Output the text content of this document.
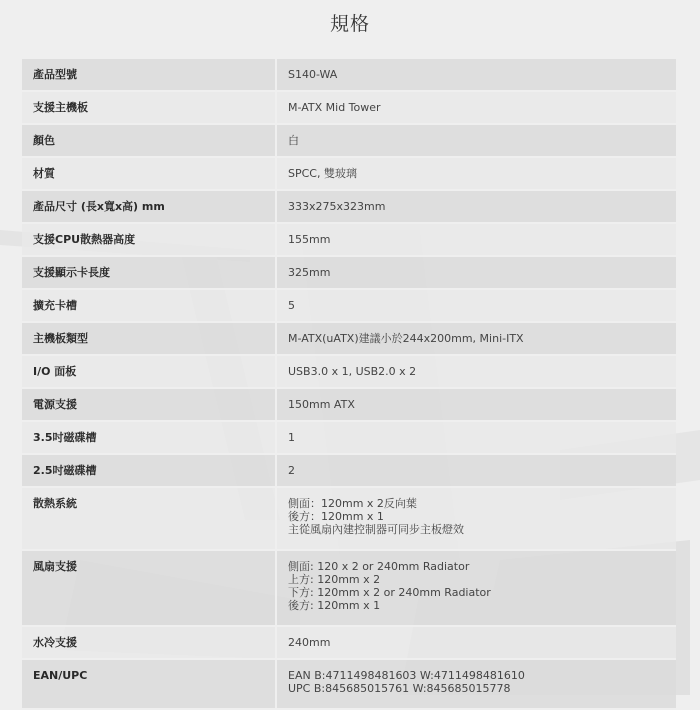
規格
產品型號	S140-WA

支援主機板	M-ATX Mid Tower

顏色	白

材質	SPCC, 雙玻璃

產品尺寸 (長x寬x高) mm	333x275x323mm

支援CPU散熱器高度	155mm

支援顯示卡長度	325mm

擴充卡槽	5

主機板類型	M-ATX(uATX)建議小於244x200mm, Mini-ITX

I/O 面板	USB3.0 x 1, USB2.0 x 2

電源支援	150mm ATX

3.5吋磁碟槽	1

2.5吋磁碟槽	2

散熱系統	側面：120mm x 2反向葉
後方：120mm x 1
主從風扇內建控制器可同步主板燈效

風扇支援	側面: 120 x 2 or 240mm Radiator
上方: 120mm x 2
下方: 120mm x 2 or 240mm Radiator
後方: 120mm x 1

水冷支援	240mm

EAN/UPC	EAN B:4711498481603 W:4711498481610
UPC B:845685015761 W:845685015778
